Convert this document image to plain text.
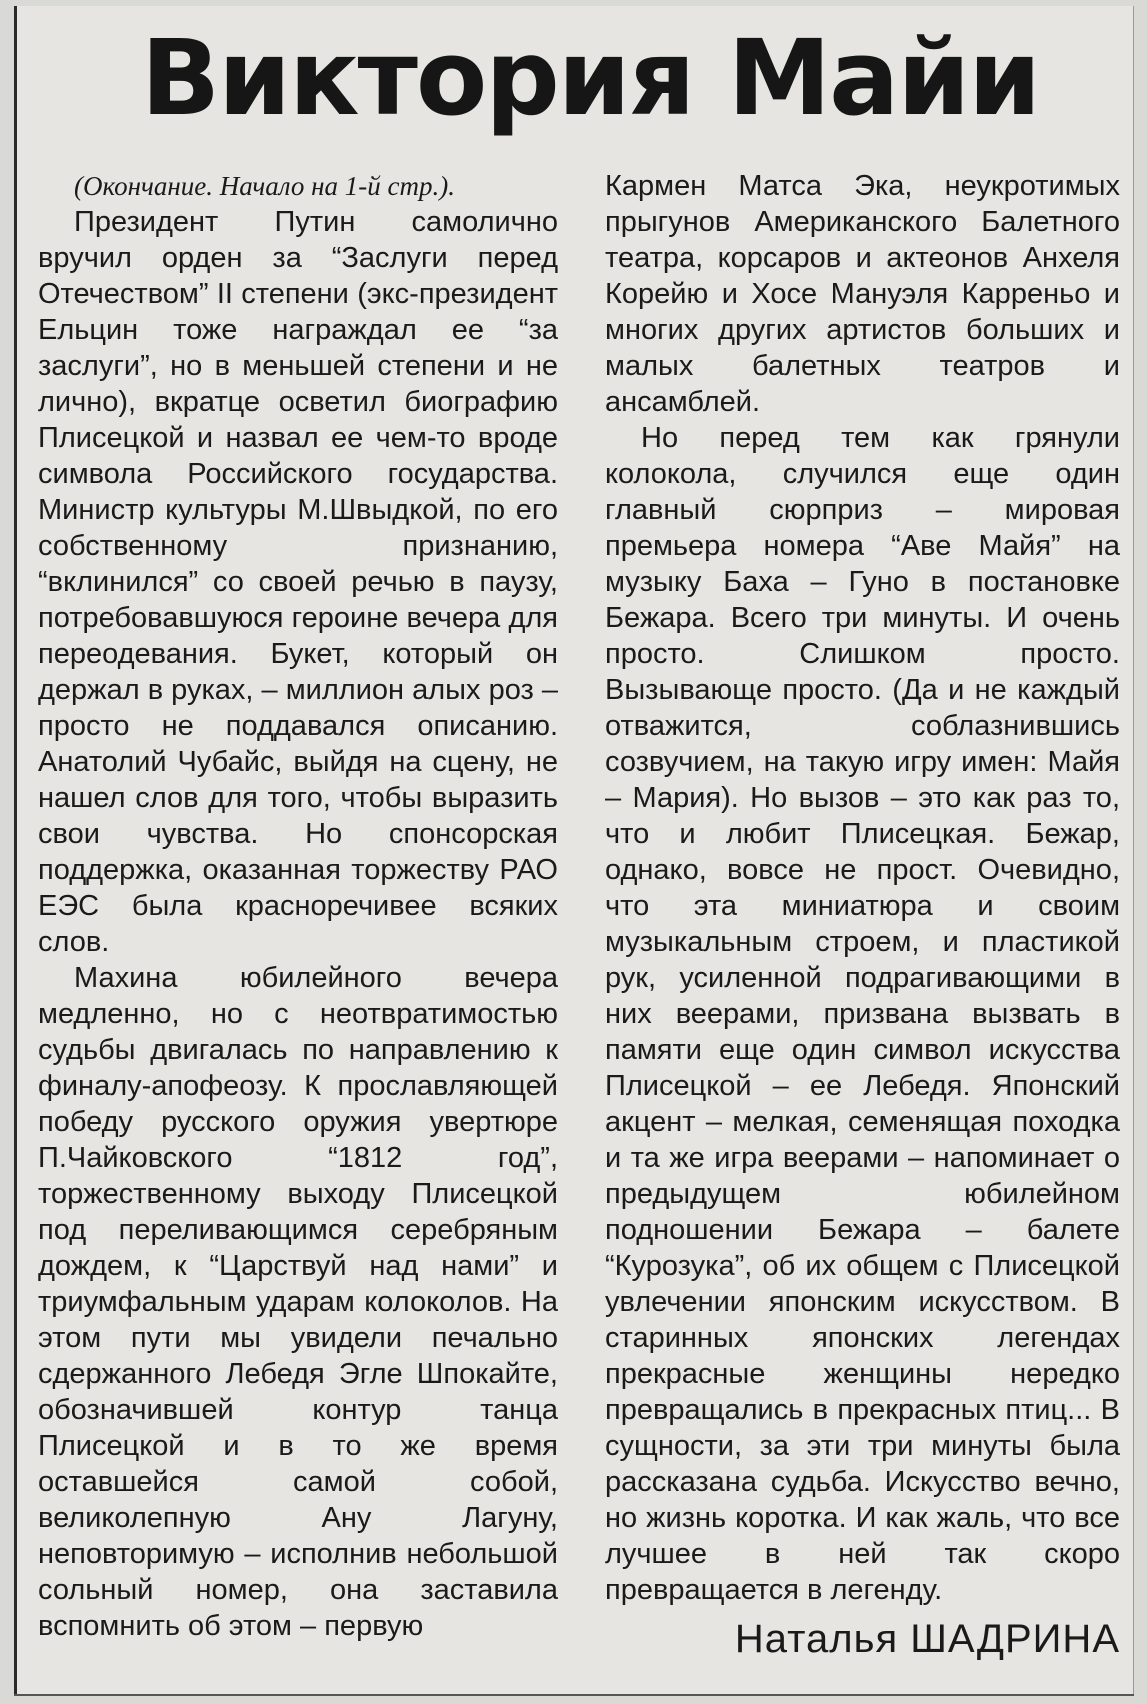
Виктория Майи

(Окончание. Начало на 1-й стр.).

Президент Путин самолично вручил орден за “Заслуги перед Отечеством” II степени (экс-президент Ельцин тоже награждал ее “за заслуги”, но в меньшей степени и не лично), вкратце осветил биографию Плисецкой и назвал ее чем-то вроде символа Российского государства. Министр культуры М.Швыдкой, по его собственному признанию, “вклинился” со своей речью в паузу, потребовавшуюся героине вечера для переодевания. Букет, который он держал в руках, – миллион алых роз – просто не поддавался описанию. Анатолий Чубайс, выйдя на сцену, не нашел слов для того, чтобы выразить свои чувства. Но спонсорская поддержка, оказанная торжеству РАО ЕЭС была красноречивее всяких слов.

Махина юбилейного вечера медленно, но с неотвратимостью судьбы двигалась по направлению к финалу-апофеозу. К прославляющей победу русского оружия увертюре П.Чайковского “1812 год”, торжественному выходу Плисецкой под переливающимся серебряным дождем, к “Царствуй над нами” и триумфальным ударам колоколов. На этом пути мы увидели печально сдержанного Лебедя Эгле Шпокайте, обозначившей контур танца Плисецкой и в то же время оставшейся самой собой, великолепную Ану Лагуну, неповторимую – исполнив небольшой сольный номер, она заставила вспомнить об этом – первую

Кармен Матса Эка, неукротимых прыгунов Американского Балетного театра, корсаров и актеонов Анхеля Корейю и Хосе Мануэля Карреньо и многих других артистов больших и малых балетных театров и ансамблей.

Но перед тем как грянули колокола, случился еще один главный сюрприз – мировая премьера номера “Аве Майя” на музыку Баха – Гуно в постановке Бежара. Всего три минуты. И очень просто. Слишком просто. Вызывающе просто. (Да и не каждый отважится, соблазнившись созвучием, на такую игру имен: Майя – Мария). Но вызов – это как раз то, что и любит Плисецкая. Бежар, однако, вовсе не прост. Очевидно, что эта миниатюра и своим музыкальным строем, и пластикой рук, усиленной подрагивающими в них веерами, призвана вызвать в памяти еще один символ искусства Плисецкой – ее Лебедя. Японский акцент – мелкая, семенящая походка и та же игра веерами – напоминает о предыдущем юбилейном подношении Бежара – балете “Курозука”, об их общем с Плисецкой увлечении японским искусством. В старинных японских легендах прекрасные женщины нередко превращались в прекрасных птиц... В сущности, за эти три минуты была рассказана судьба. Искусство вечно, но жизнь коротка. И как жаль, что все лучшее в ней так скоро превращается в легенду.

Наталья ШАДРИНА
